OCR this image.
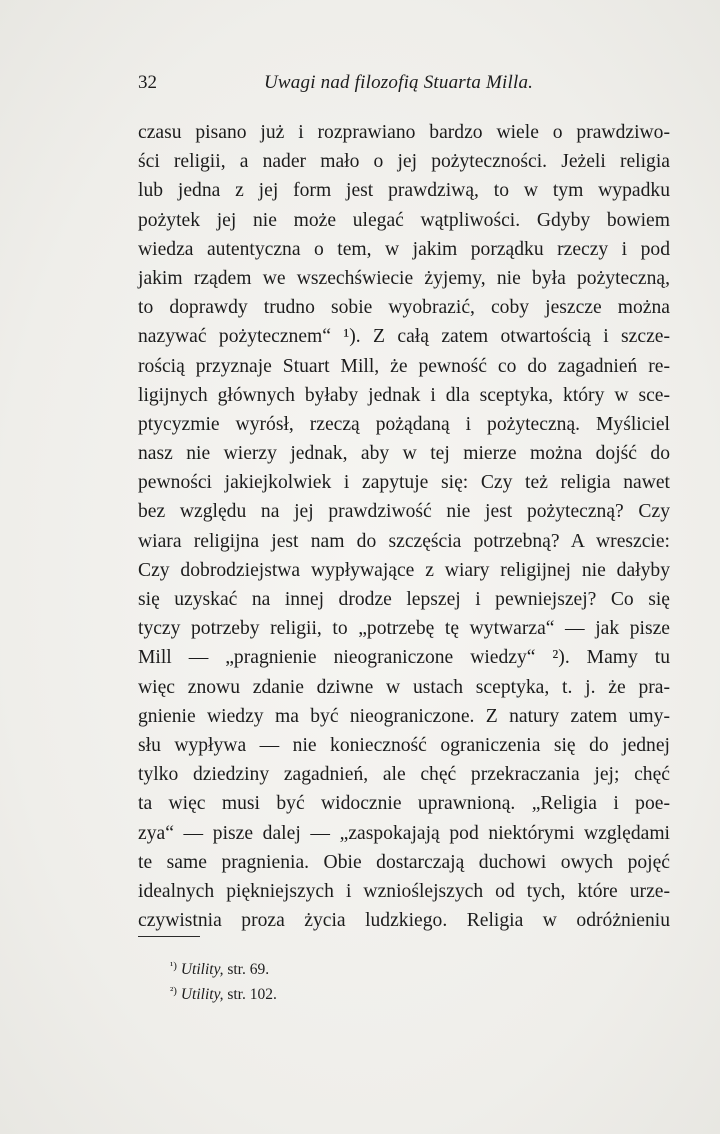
32	Uwagi nad filozofią Stuarta Milla.
czasu pisano już i rozprawiano bardzo wiele o prawdziwo-
ści religii, a nader mało o jej pożyteczności. Jeżeli religia
lub jedna z jej form jest prawdziwą, to w tym wypadku
pożytek jej nie może ulegać wątpliwości. Gdyby bowiem
wiedza autentyczna o tem, w jakim porządku rzeczy i pod
jakim rządem we wszechświecie żyjemy, nie była pożyteczną,
to doprawdy trudno sobie wyobrazić, coby jeszcze można
nazywać pożytecznem“ ¹). Z całą zatem otwartością i szcze-
rością przyznaje Stuart Mill, że pewność co do zagadnień re-
ligijnych głównych byłaby jednak i dla sceptyka, który w sce-
ptycyzmie wyrósł, rzeczą pożądaną i pożyteczną. Myśliciel
nasz nie wierzy jednak, aby w tej mierze można dojść do
pewności jakiejkolwiek i zapytuje się: Czy też religia nawet
bez względu na jej prawdziwość nie jest pożyteczną? Czy
wiara religijna jest nam do szczęścia potrzebną? A wreszcie:
Czy dobrodziejstwa wypływające z wiary religijnej nie dałyby
się uzyskać na innej drodze lepszej i pewniejszej? Co się
tyczy potrzeby religii, to „potrzebę tę wytwarza“ — jak pisze
Mill — „pragnienie nieograniczone wiedzy“ ²). Mamy tu
więc znowu zdanie dziwne w ustach sceptyka, t. j. że pra-
gnienie wiedzy ma być nieograniczone. Z natury zatem umy-
słu wypływa — nie konieczność ograniczenia się do jednej
tylko dziedziny zagadnień, ale chęć przekraczania jej; chęć
ta więc musi być widocznie uprawnioną. „Religia i poe-
zya“ — pisze dalej — „zaspokajają pod niektórymi względami
te same pragnienia. Obie dostarczają duchowi owych pojęć
idealnych piękniejszych i wznioślejszych od tych, które urze-
czywistnia proza życia ludzkiego. Religia w odróżnieniu
$^{^1)}$ Utility, str. 69.
$^{^2)}$ Utility, str. 102.
